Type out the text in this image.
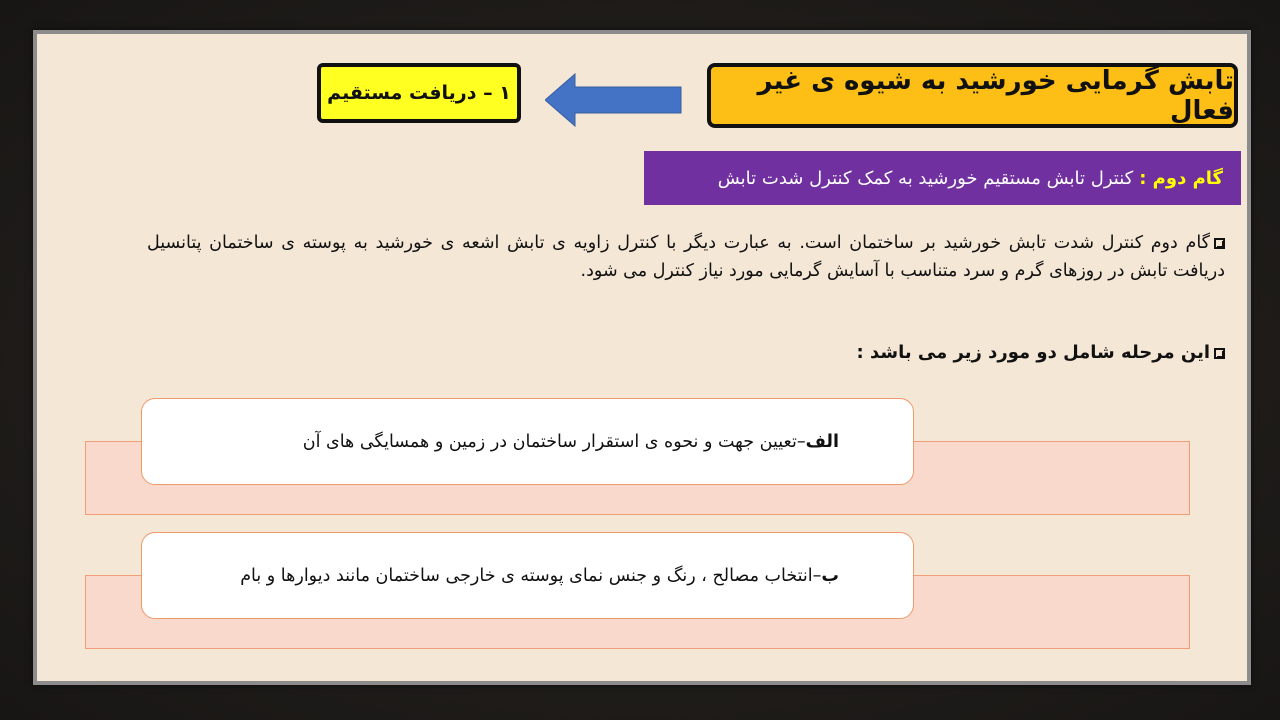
تابش گرمایی خورشید به شیوه ی غیر فعال
۱ – دریافت مستقیم
گام دوم :
کنترل تابش مستقیم خورشید به کمک کنترل شدت تابش
گام دوم کنترل شدت تابش خورشید بر ساختمان است. به عبارت دیگر با کنترل زاویه ی تابش اشعه ی خورشید به پوسته ی ساختمان پتانسیل دریافت تابش در روزهای گرم و سرد متناسب با آسایش گرمایی مورد نیاز کنترل می شود.
این مرحله شامل دو مورد زیر می باشد :
الف
–
تعیین جهت و نحوه ی استقرار ساختمان در زمین و همسایگی های آن
ب
–
انتخاب مصالح ، رنگ و جنس نمای پوسته ی خارجی ساختمان مانند دیوارها و بام
